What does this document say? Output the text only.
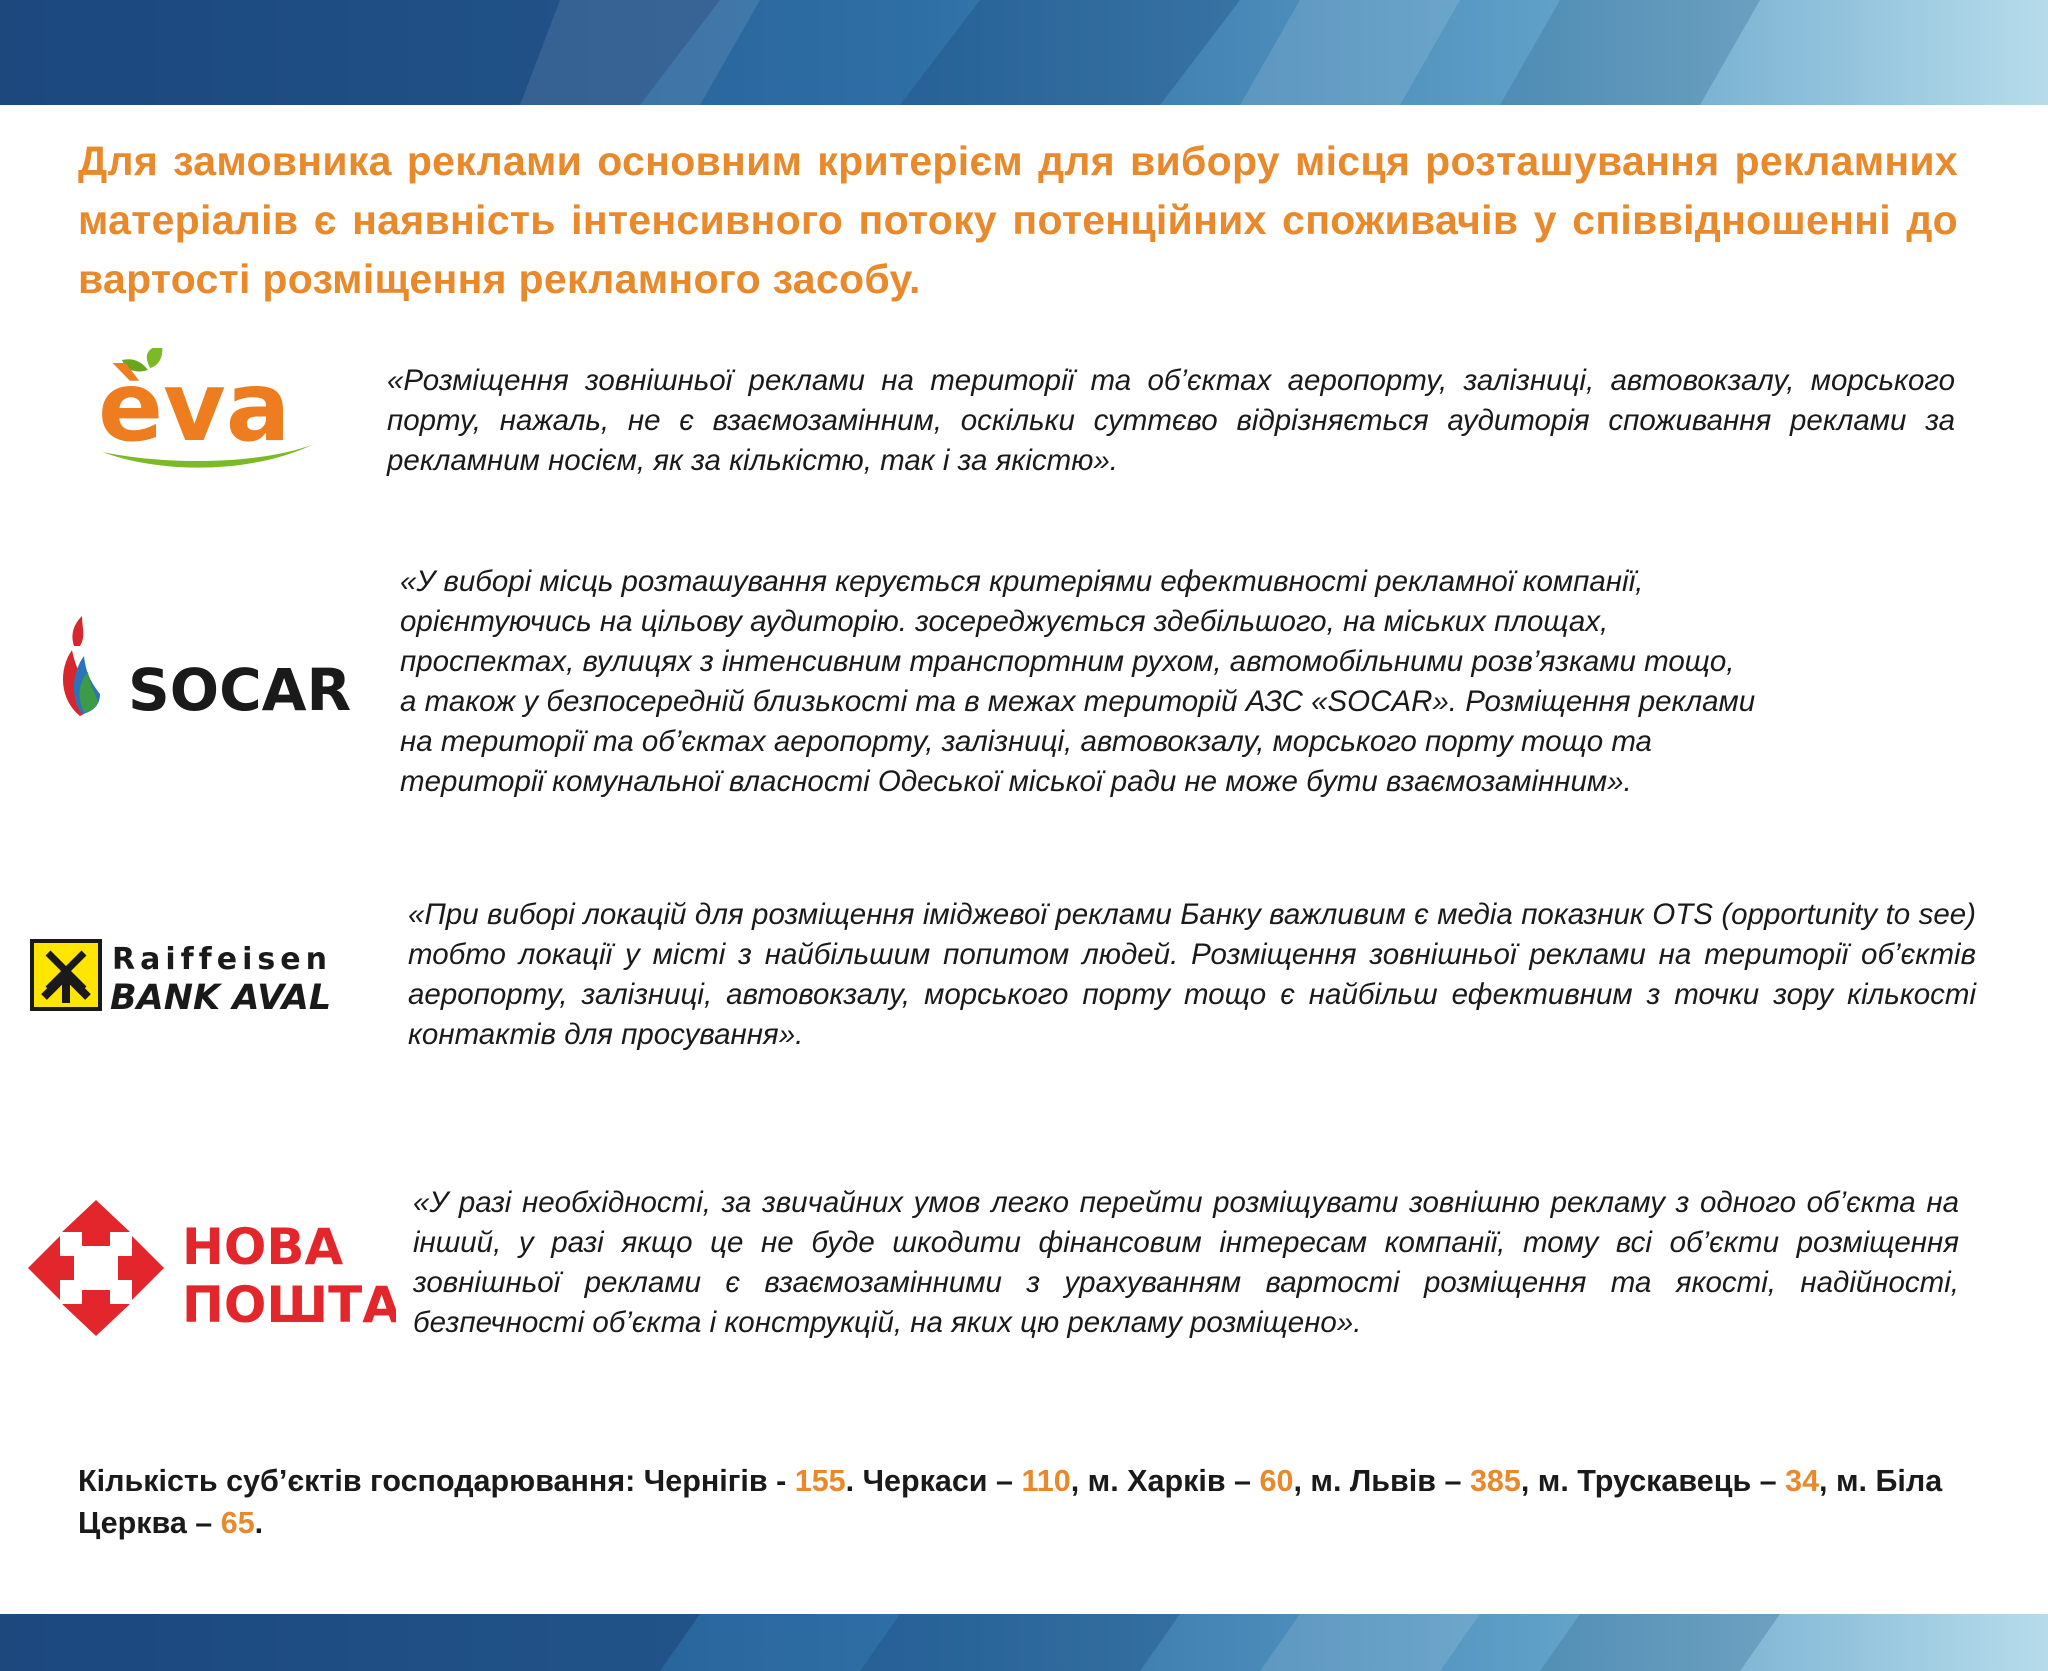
Для замовника реклами основним критерієм для вибору місця розташування рекламних матеріалів є наявність інтенсивного потоку потенційних споживачів у співвідношенні до вартості розміщення рекламного засобу.

èva	«Розміщення зовнішньої реклами на території та об’єктах аеропорту, залізниці, автовокзалу, морського порту, нажаль, не є взаємозамінним, оскільки суттєво відрізняється аудиторія споживання реклами за рекламним носієм, як за кількістю, так і за якістю».

SOCAR
«У виборі місць розташування керується критеріями ефективності рекламної компанії,
орієнтуючись на цільову аудиторію. зосереджується здебільшого, на міських площах,
проспектах, вулицях з інтенсивним транспортним рухом, автомобільними розв’язками тощо,
а також у безпосередній близькості та в межах територій АЗС «SOCAR». Розміщення реклами
на території та об’єктах аеропорту, залізниці, автовокзалу, морського порту тощо та
території комунальної власності Одеської міської ради не може бути взаємозамінним».
Raiffeisen
BANK AVAL

«При виборі локацій для розміщення іміджевої реклами Банку важливим є медіа показник OTS (opportunity to see) тобто локації у місті з найбільшим попитом людей. Розміщення зовнішньої реклами на території об’єктів аеропорту, залізниці, автовокзалу, морського порту тощо є найбільш ефективним з точки зору кількості контактів для просування».

НОВА
ПОШТА

«У разі необхідності, за звичайних умов легко перейти розміщувати зовнішню рекламу з одного об’єкта на інший, у разі якщо це не буде шкодити фінансовим інтересам компанії, тому всі об’єкти розміщення зовнішньої реклами є взаємозамінними з урахуванням вартості розміщення та якості, надійності, безпечності об’єкта і конструкцій, на яких цю рекламу розміщено».

Кількість суб’єктів господарювання: Чернігів - 155. Черкаси – 110, м. Харків – 60, м. Львів – 385, м. Трускавець – 34, м. Біла Церква – 65.
